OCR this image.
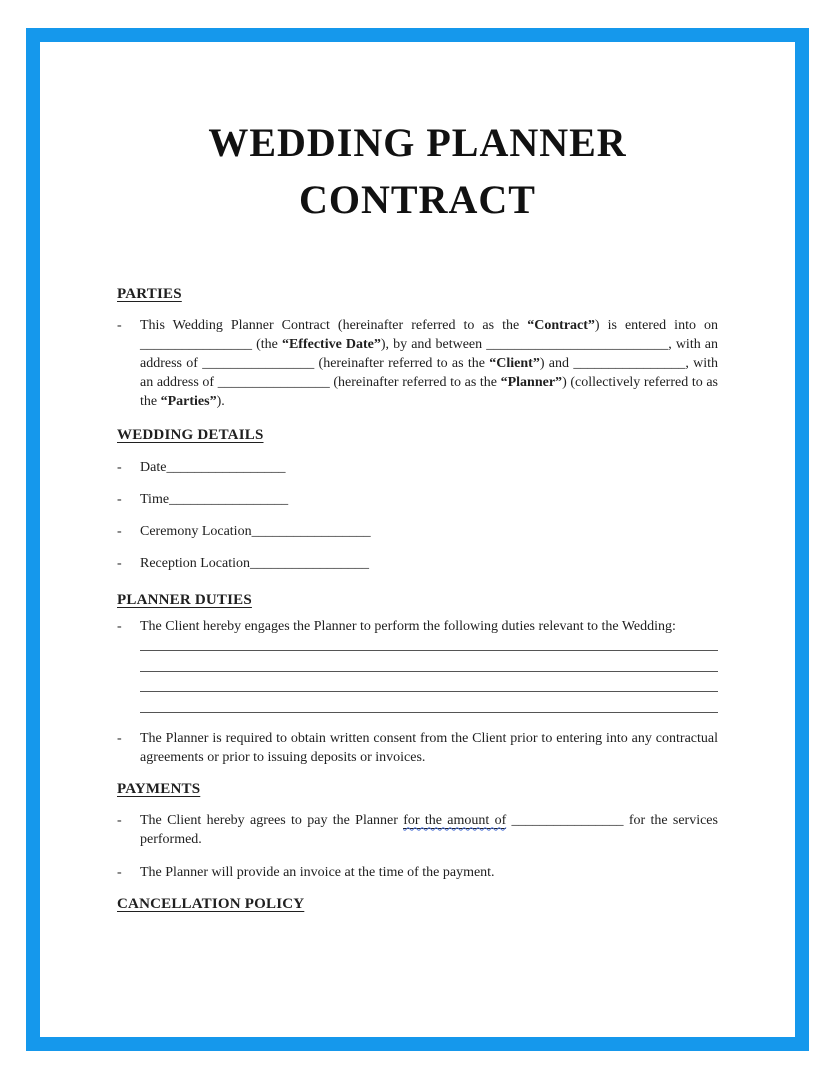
WEDDING PLANNER
CONTRACT
PARTIES
-	This Wedding Planner Contract (hereinafter referred to as the “Contract”) is entered into on ________________ (the “Effective Date”), by and between __________________________, with an address of ________________ (hereinafter referred to as the “Client”) and ________________, with an address of ________________ (hereinafter referred to as the “Planner”) (collectively referred to as the “Parties”).
WEDDING DETAILS
-	Date_________________
-	Time_________________
-	Ceremony Location_________________
-	Reception Location_________________
PLANNER DUTIES
-	The Client hereby engages the Planner to perform the following duties relevant to the Wedding:
-	The Planner is required to obtain written consent from the Client prior to entering into any contractual agreements or prior to issuing deposits or invoices.
PAYMENTS
-	The Client hereby agrees to pay the Planner for the amount of ________________ for the services performed.
-	The Planner will provide an invoice at the time of the payment.
CANCELLATION POLICY
